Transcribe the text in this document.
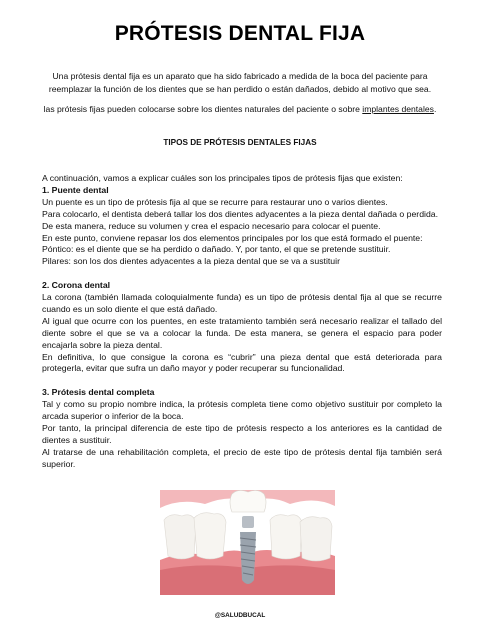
PRÓTESIS DENTAL FIJA
Una prótesis dental fija es un aparato que ha sido fabricado a medida de la boca del paciente para reemplazar la función de los dientes que se han perdido o están dañados, debido al motivo que sea.
las prótesis fijas pueden colocarse sobre los dientes naturales del paciente o sobre implantes dentales.
TIPOS DE PRÓTESIS DENTALES FIJAS

A continuación, vamos a explicar cuáles son los principales tipos de prótesis fijas que existen:

1. Puente dental

Un puente es un tipo de prótesis fija al que se recurre para restaurar uno o varios dientes.

Para colocarlo, el dentista deberá tallar los dos dientes adyacentes a la pieza dental dañada o perdida.

De esta manera, reduce su volumen y crea el espacio necesario para colocar el puente.

En este punto, conviene repasar los dos elementos principales por los que está formado el puente:

Póntico: es el diente que se ha perdido o dañado. Y, por tanto, el que se pretende sustituir.

Pilares: son los dos dientes adyacentes a la pieza dental que se va a sustituir

2. Corona dental

La corona (también llamada coloquialmente funda) es un tipo de prótesis dental fija al que se recurre cuando es un solo diente el que está dañado.

Al igual que ocurre con los puentes, en este tratamiento también será necesario realizar el tallado del diente sobre el que se va a colocar la funda. De esta manera, se genera el espacio para poder encajarla sobre la pieza dental.

En definitiva, lo que consigue la corona es “cubrir” una pieza dental que está deteriorada para protegerla, evitar que sufra un daño mayor y poder recuperar su funcionalidad.

3. Prótesis dental completa

Tal y como su propio nombre indica, la prótesis completa tiene como objetivo sustituir por completo la arcada superior o inferior de la boca.

Por tanto, la principal diferencia de este tipo de prótesis respecto a los anteriores es la cantidad de dientes a sustituir.

Al tratarse de una rehabilitación completa, el precio de este tipo de prótesis dental fija también será superior.

@SALUDBUCAL
